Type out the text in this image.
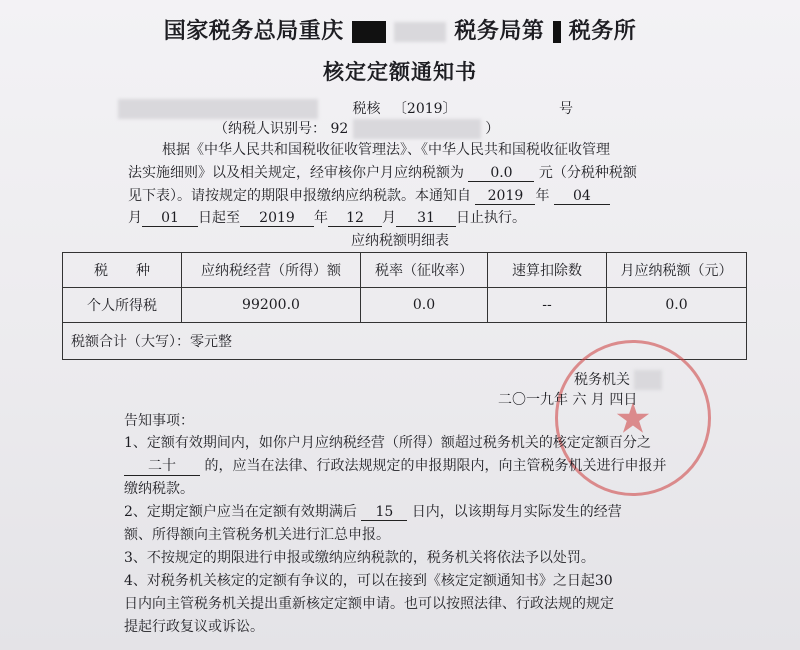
国家税务总局重庆	税务局第 税务所
核定定额通知书
税核 〔2019〕	号
（纳税人识别号： 92	）
根据《中华人民共和国税收征收管理法》、《中华人民共和国税收征收管理
法实施细则》以及相关规定，经审核你户月应纳税额为 0.0 元（分税种税额
见下表）。请按规定的期限申报缴纳应纳税款。本通知自 2019 年 04
月 01 日起至 2019 年 12 月 31 日止执行。
应纳税额明细表
税　　种	应纳税经营（所得）额	税率（征收率）	速算扣除数	月应纳税额（元）
个人所得税	99200.0	0.0	--	0.0
税额合计（大写）：零元整				
★
税务机关
二〇一九年 六 月 四日
告知事项：
1、定额有效期间内，如你户月应纳税经营（所得）额超过税务机关的核定定额百分之
二十 的，应当在法律、行政法规规定的申报期限内，向主管税务机关进行申报并
缴纳税款。
2、定期定额户应当在定额有效期满后 15 日内，以该期每月实际发生的经营
额、所得额向主管税务机关进行汇总申报。
3、不按规定的期限进行申报或缴纳应纳税款的，税务机关将依法予以处罚。
4、对税务机关核定的定额有争议的，可以在接到《核定定额通知书》之日起30
日内向主管税务机关提出重新核定定额申请。也可以按照法律、行政法规的规定
提起行政复议或诉讼。
